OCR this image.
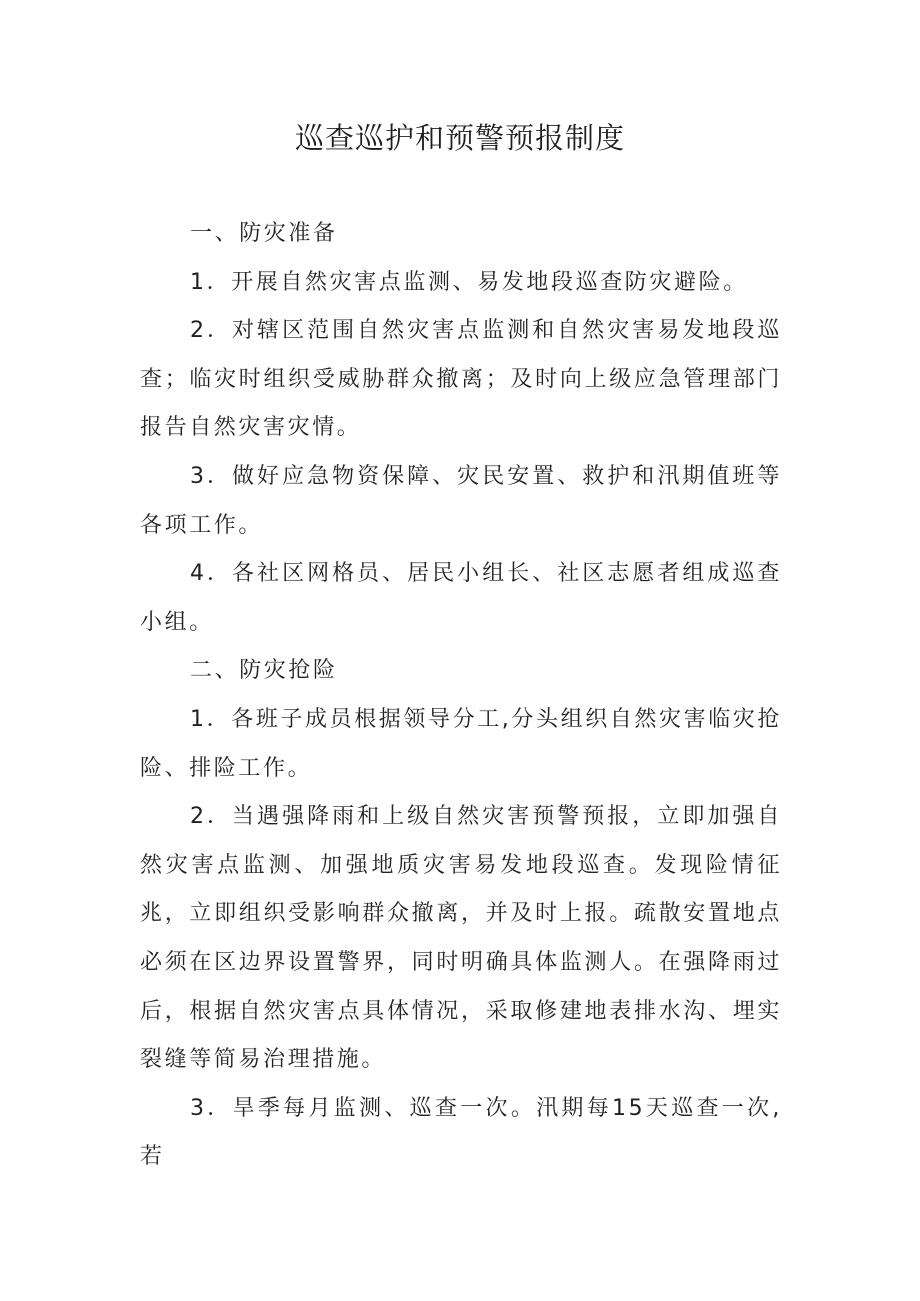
巡查巡护和预警预报制度

一、防灾准备

1．开展自然灾害点监测、易发地段巡查防灾避险。

2．对辖区范围自然灾害点监测和自然灾害易发地段巡查；临灾时组织受威胁群众撤离；及时向上级应急管理部门报告自然灾害灾情。

3．做好应急物资保障、灾民安置、救护和汛期值班等各项工作。

4．各社区网格员、居民小组长、社区志愿者组成巡查小组。

二、防灾抢险

1．各班子成员根据领导分工,分头组织自然灾害临灾抢险、排险工作。

2．当遇强降雨和上级自然灾害预警预报，立即加强自然灾害点监测、加强地质灾害易发地段巡查。发现险情征兆，立即组织受影响群众撤离，并及时上报。疏散安置地点必须在区边界设置警界，同时明确具体监测人。在强降雨过后，根据自然灾害点具体情况，采取修建地表排水沟、埋实裂缝等简易治理措施。

3．旱季每月监测、巡查一次。汛期每15天巡查一次,若
